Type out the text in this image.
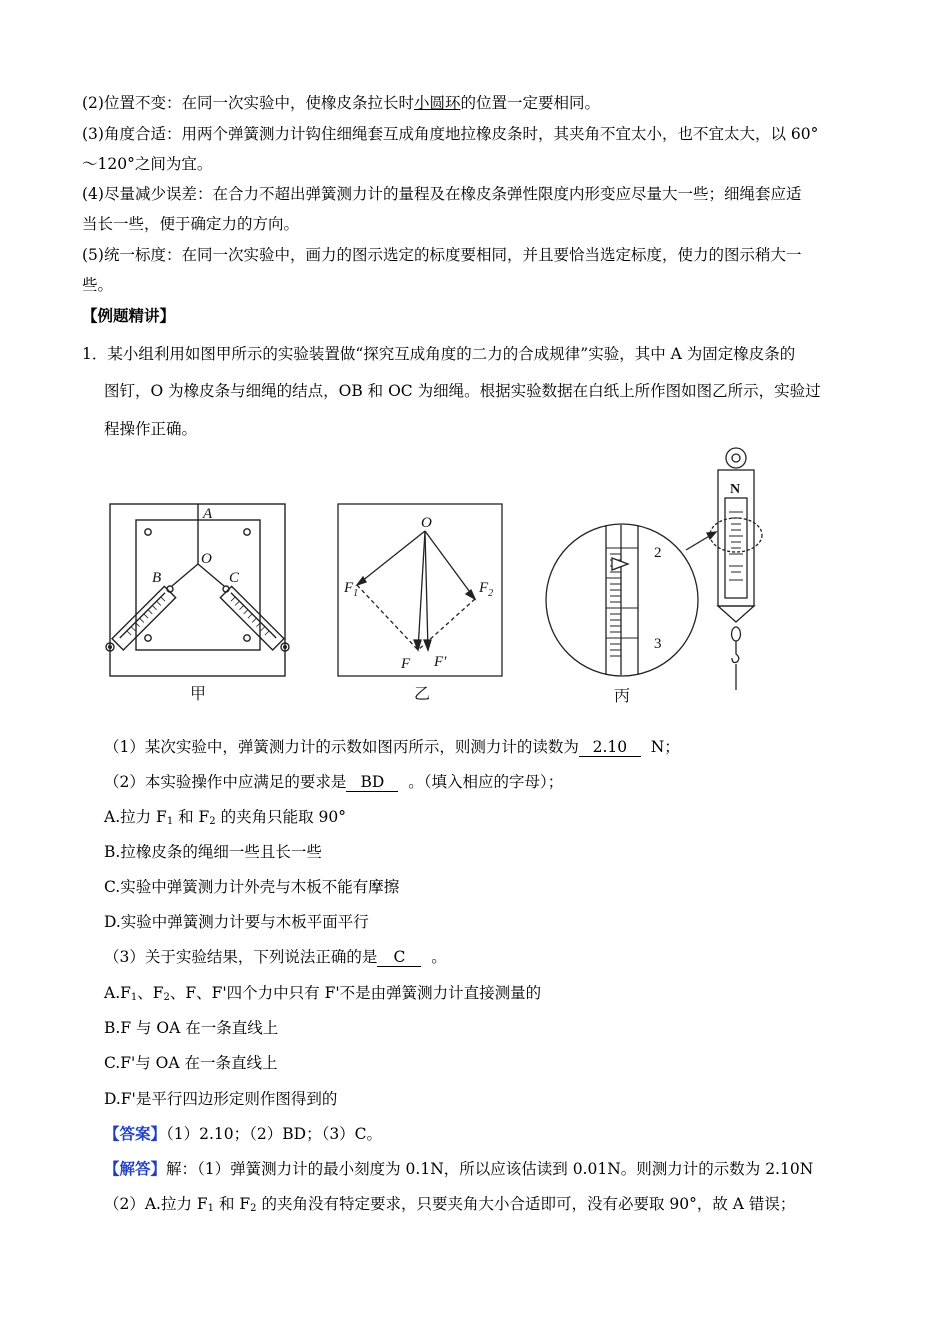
(2)位置不变：在同一次实验中，使橡皮条拉长时小圆环的位置一定要相同。
(3)角度合适：用两个弹簧测力计钩住细绳套互成角度地拉橡皮条时，其夹角不宜太小，也不宜太大，以 60°
～120°之间为宜。
(4)尽量减少误差：在合力不超出弹簧测力计的量程及在橡皮条弹性限度内形变应尽量大一些；细绳套应适
当长一些，便于确定力的方向。
(5)统一标度：在同一次实验中，画力的图示选定的标度要相同，并且要恰当选定标度，使力的图示稍大一
些。
【例题精讲】
1．某小组利用如图甲所示的实验装置做“探究互成角度的二力的合成规律”实验，其中 A 为固定橡皮条的
图钉，O 为橡皮条与细绳的结点，OB 和 OC 为细绳。根据实验数据在白纸上所作图如图乙所示，实验过
程操作正确。
A
O
B	C
甲
O
$F_1$	$F_2$
F F′
乙
2
3
N
丙
（1）某次实验中，弹簧测力计的示数如图丙所示，则测力计的读数为 2.10 N；
（2）本实验操作中应满足的要求是 BD 。（填入相应的字母）；
A.拉力 $F_1$ 和 $F_2$ 的夹角只能取 90°
B.拉橡皮条的绳细一些且长一些
C.实验中弹簧测力计外壳与木板不能有摩擦
D.实验中弹簧测力计要与木板平面平行
（3）关于实验结果，下列说法正确的是 C 。
$A.F_1$、$F_2$、F、F'四个力中只有 F'不是由弹簧测力计直接测量的
B.F 与 OA 在一条直线上
C.F'与 OA 在一条直线上
D.F'是平行四边形定则作图得到的
【答案】（1）2.10；（2）BD；（3）C。
【解答】解：（1）弹簧测力计的最小刻度为 0.1N，所以应该估读到 0.01N。则测力计的示数为 2.10N
（2）A.拉力 $F_1$ 和 $F_2$ 的夹角没有特定要求，只要夹角大小合适即可，没有必要取 90°，故 A 错误；
